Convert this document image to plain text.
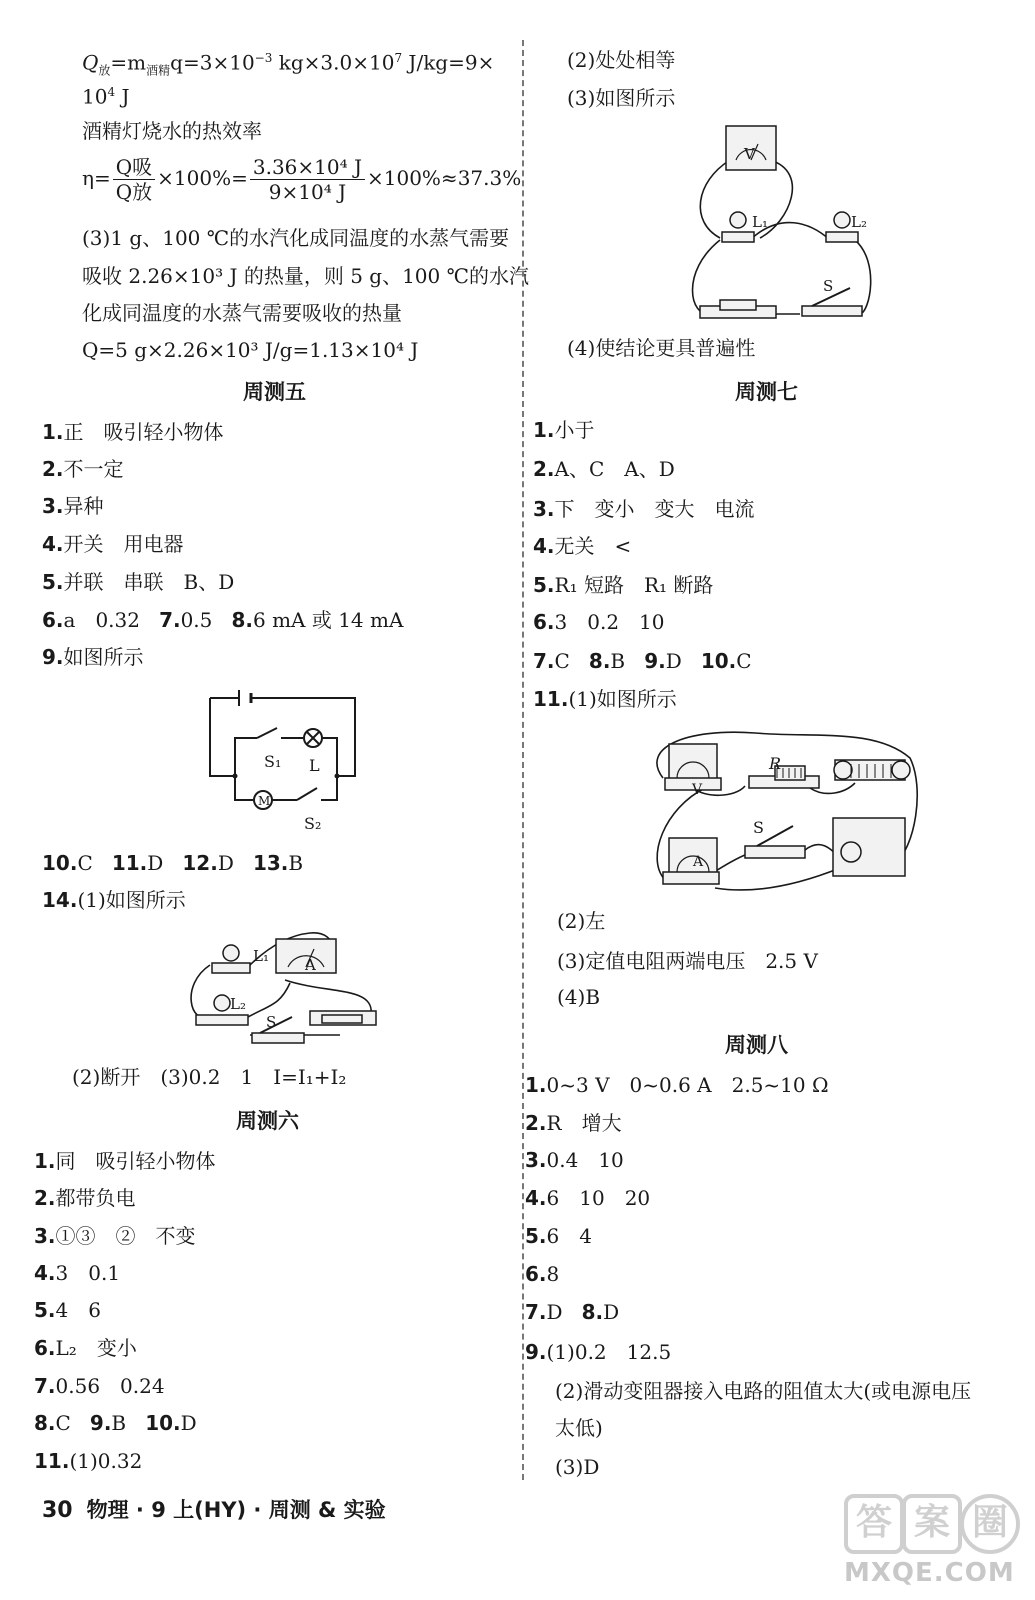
$Q_放=m_{酒精}q=3\times 10^{-3}$ $kg\times 3.0\times 10^7$ J/kg=9×
$10^4$ J
酒精灯烧水的热效率
$\eta= \frac{\text{Q吸}}{\text{Q放}} \times 100\%= \frac{\text{3.36×10⁴ J}}{\text{9×10⁴ J}} \times 100\%\approx 37.3\%$
(3)1 g、100 ℃的水汽化成同温度的水蒸气需要
吸收 2.26×10³ J 的热量，则 5 g、100 ℃的水汽
化成同温度的水蒸气需要吸收的热量
Q=5 g×2.26×10³ J/g=1.13×10⁴ J
周测五
1.正　吸引轻小物体
2.不一定
3.异种
4.开关　用电器
5.并联　串联　B、D
6.a　0.32 7.0.5 8.6 mA 或 14 mA
9.如图所示
S₁ L
M
S₂
10.C 11.D 12.D 13.B
14.(1)如图所示
L₁ A
L₂
S
(2)断开　(3)0.2　1　I=I₁+I₂
周测六
1.同　吸引轻小物体
2.都带负电
3.①③　②　不变
4.3　0.1
5.4　6
6.L₂　变小
7.0.56　0.24
8.C 9.B 10.D
11.(1)0.32
(2)处处相等
(3)如图所示
V
L₁	L₂
S
(4)使结论更具普遍性
周测七
1.小于
2.A、C　A、D
3.下　变小　变大　电流
4.无关　<
5.R₁ 短路　R₁ 断路
6.3　0.2　10
7.C 8.B 9.D 10.C
11.(1)如图所示
V
R
S
A
(2)左
(3)定值电阻两端电压　2.5 V
(4)B
周测八
1.0~3 V　0~0.6 A　2.5~10 Ω
2.R　增大
3.0.4　10
4.6　10　20
5.6　4
6.8
7.D 8.D
9.(1)0.2　12.5
(2)滑动变阻器接入电路的阻值太大(或电源电压
太低)
(3)D
30 物理 · 9 上(HY) · 周测 & 实验	答 案 圈
MXQE.COM
